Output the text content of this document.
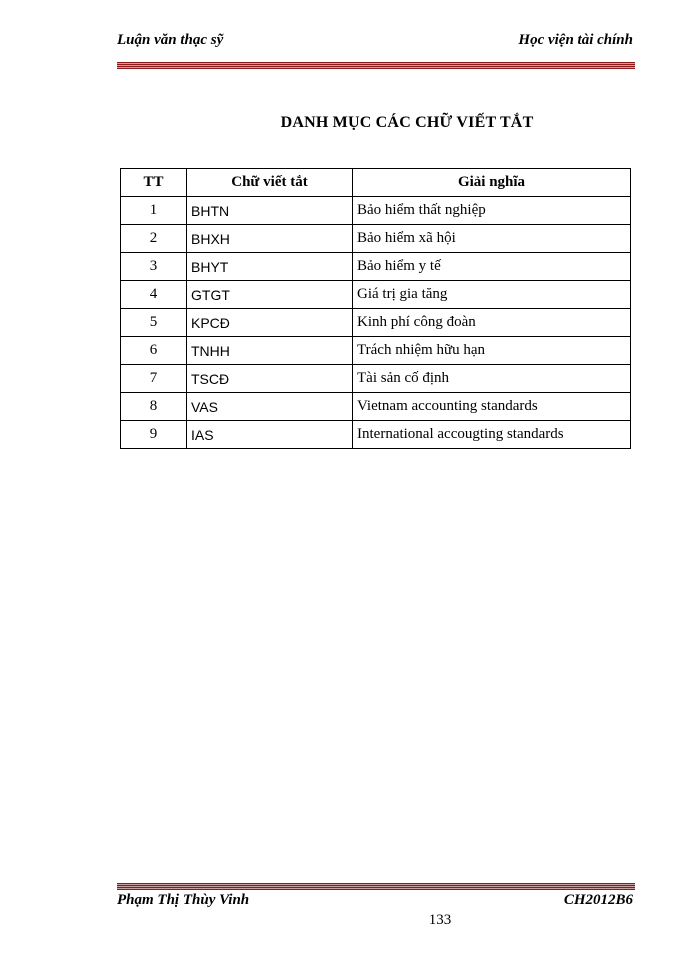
Luận văn thạc sỹ	Học viện tài chính
DANH MỤC CÁC CHỮ VIẾT TẮT
TT	Chữ viết tắt	Giải nghĩa
1	BHTN	Bảo hiểm thất nghiệp
2	BHXH	Bảo hiểm xã hội
3	BHYT	Bảo hiểm y tế
4	GTGT	Giá trị gia tăng
5	KPCĐ	Kinh phí công đoàn
6	TNHH	Trách nhiệm hữu hạn
7	TSCĐ	Tài sản cố định
8	VAS	Vietnam accounting standards
9	IAS	International accougting standards
Phạm Thị Thùy Vinh	CH2012B6
133
